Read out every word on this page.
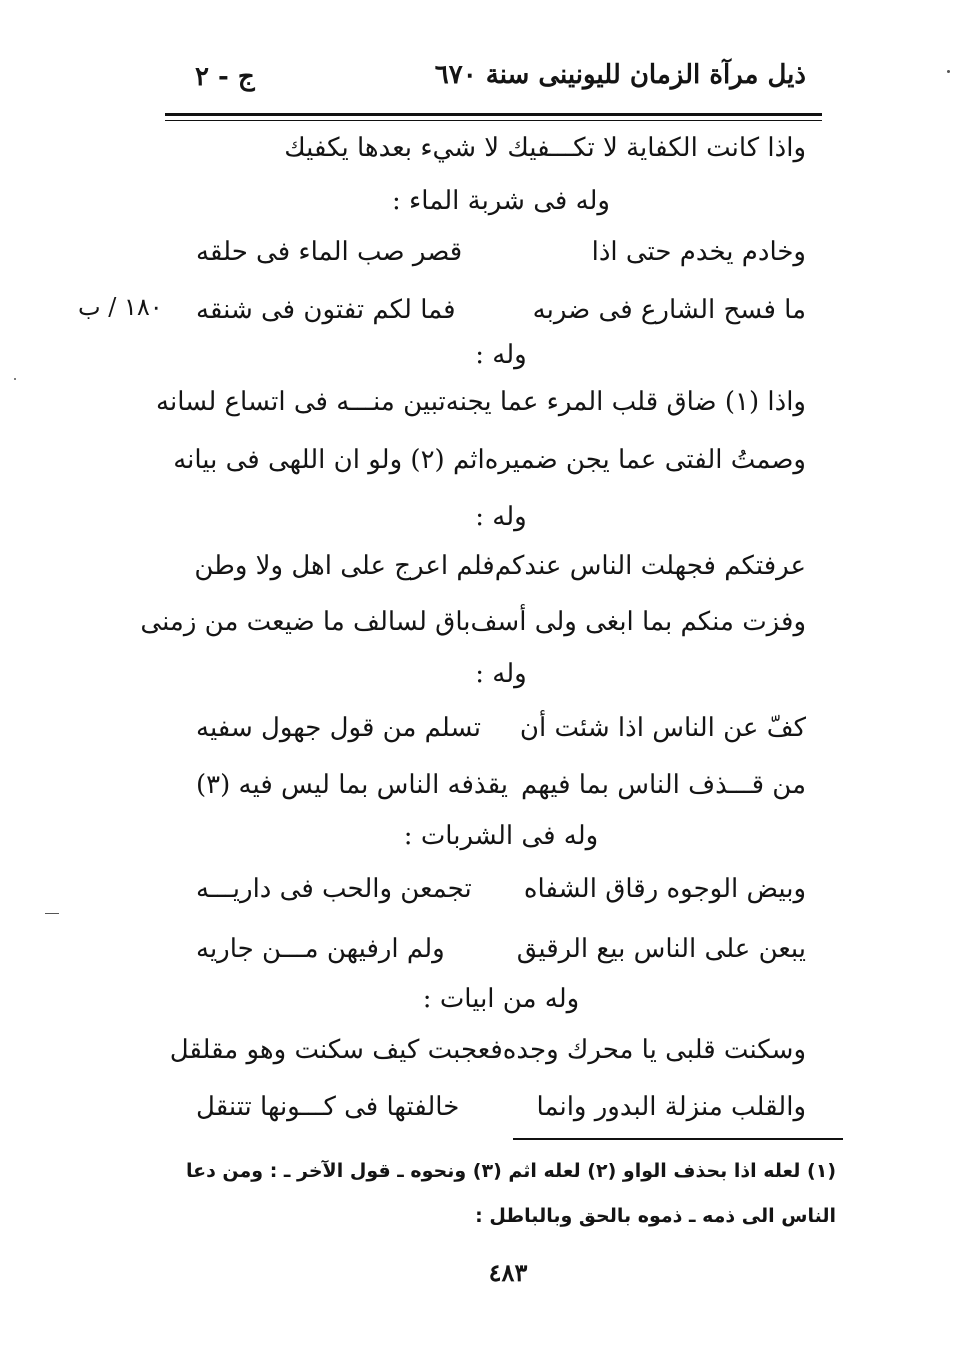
ذيل مرآة الزمان لليونينى سنة ٦٧٠
ج - ٢
١٨٠ / ب
واذا كانت الكفاية لا تكـــفيك لا شيء بعدها يكفيك
وله فى شربة الماء :
وخادم يخدم حتى اذا
قصر صب الماء فى حلقه
ما فسح الشارع فى ضربه
فما لكم تفتون فى شنقه
وله :
واذا (١) ضاق قلب المرء عما يجنه
تبين منـــه فى اتساع لسانه
وصمتُ الفتى عما يجن ضميره
اثم (٢) ولو ان اللهى فى بيانه
وله :
عرفتكم فجهلت الناس عندكم
فلم اعرج على اهل ولا وطن
وفزت منكم بما ابغى ولى أسف
باق لسالف ما ضيعت من زمنى
وله :
كفّ عن الناس اذا شئت أن
تسلم من قول جهول سفيه
من قـــذف الناس بما فيهم
يقذفه الناس بما ليس فيه (٣)
وله فى الشربات :
وبيض الوجوه رقاق الشفاه
تجمعن والحب فى داريـــه
يبعن على الناس بيع الرقيق
ولم ارفيهن مـــن جاريه
وله من ابيات :
وسكنت قلبى يا محرك وجده
فعجبت كيف سكنت وهو مقلقل
والقلب منزلة البدور وانما
خالفتها فى كـــونها تتنقل
(١) لعله اذا بحذف الواو (٢) لعله اثم (٣) ونحوه ـ قول الآخر ـ : ومن دعا
الناس الى ذمه ـ ذموه بالحق وبالباطل :
٤٨٣
